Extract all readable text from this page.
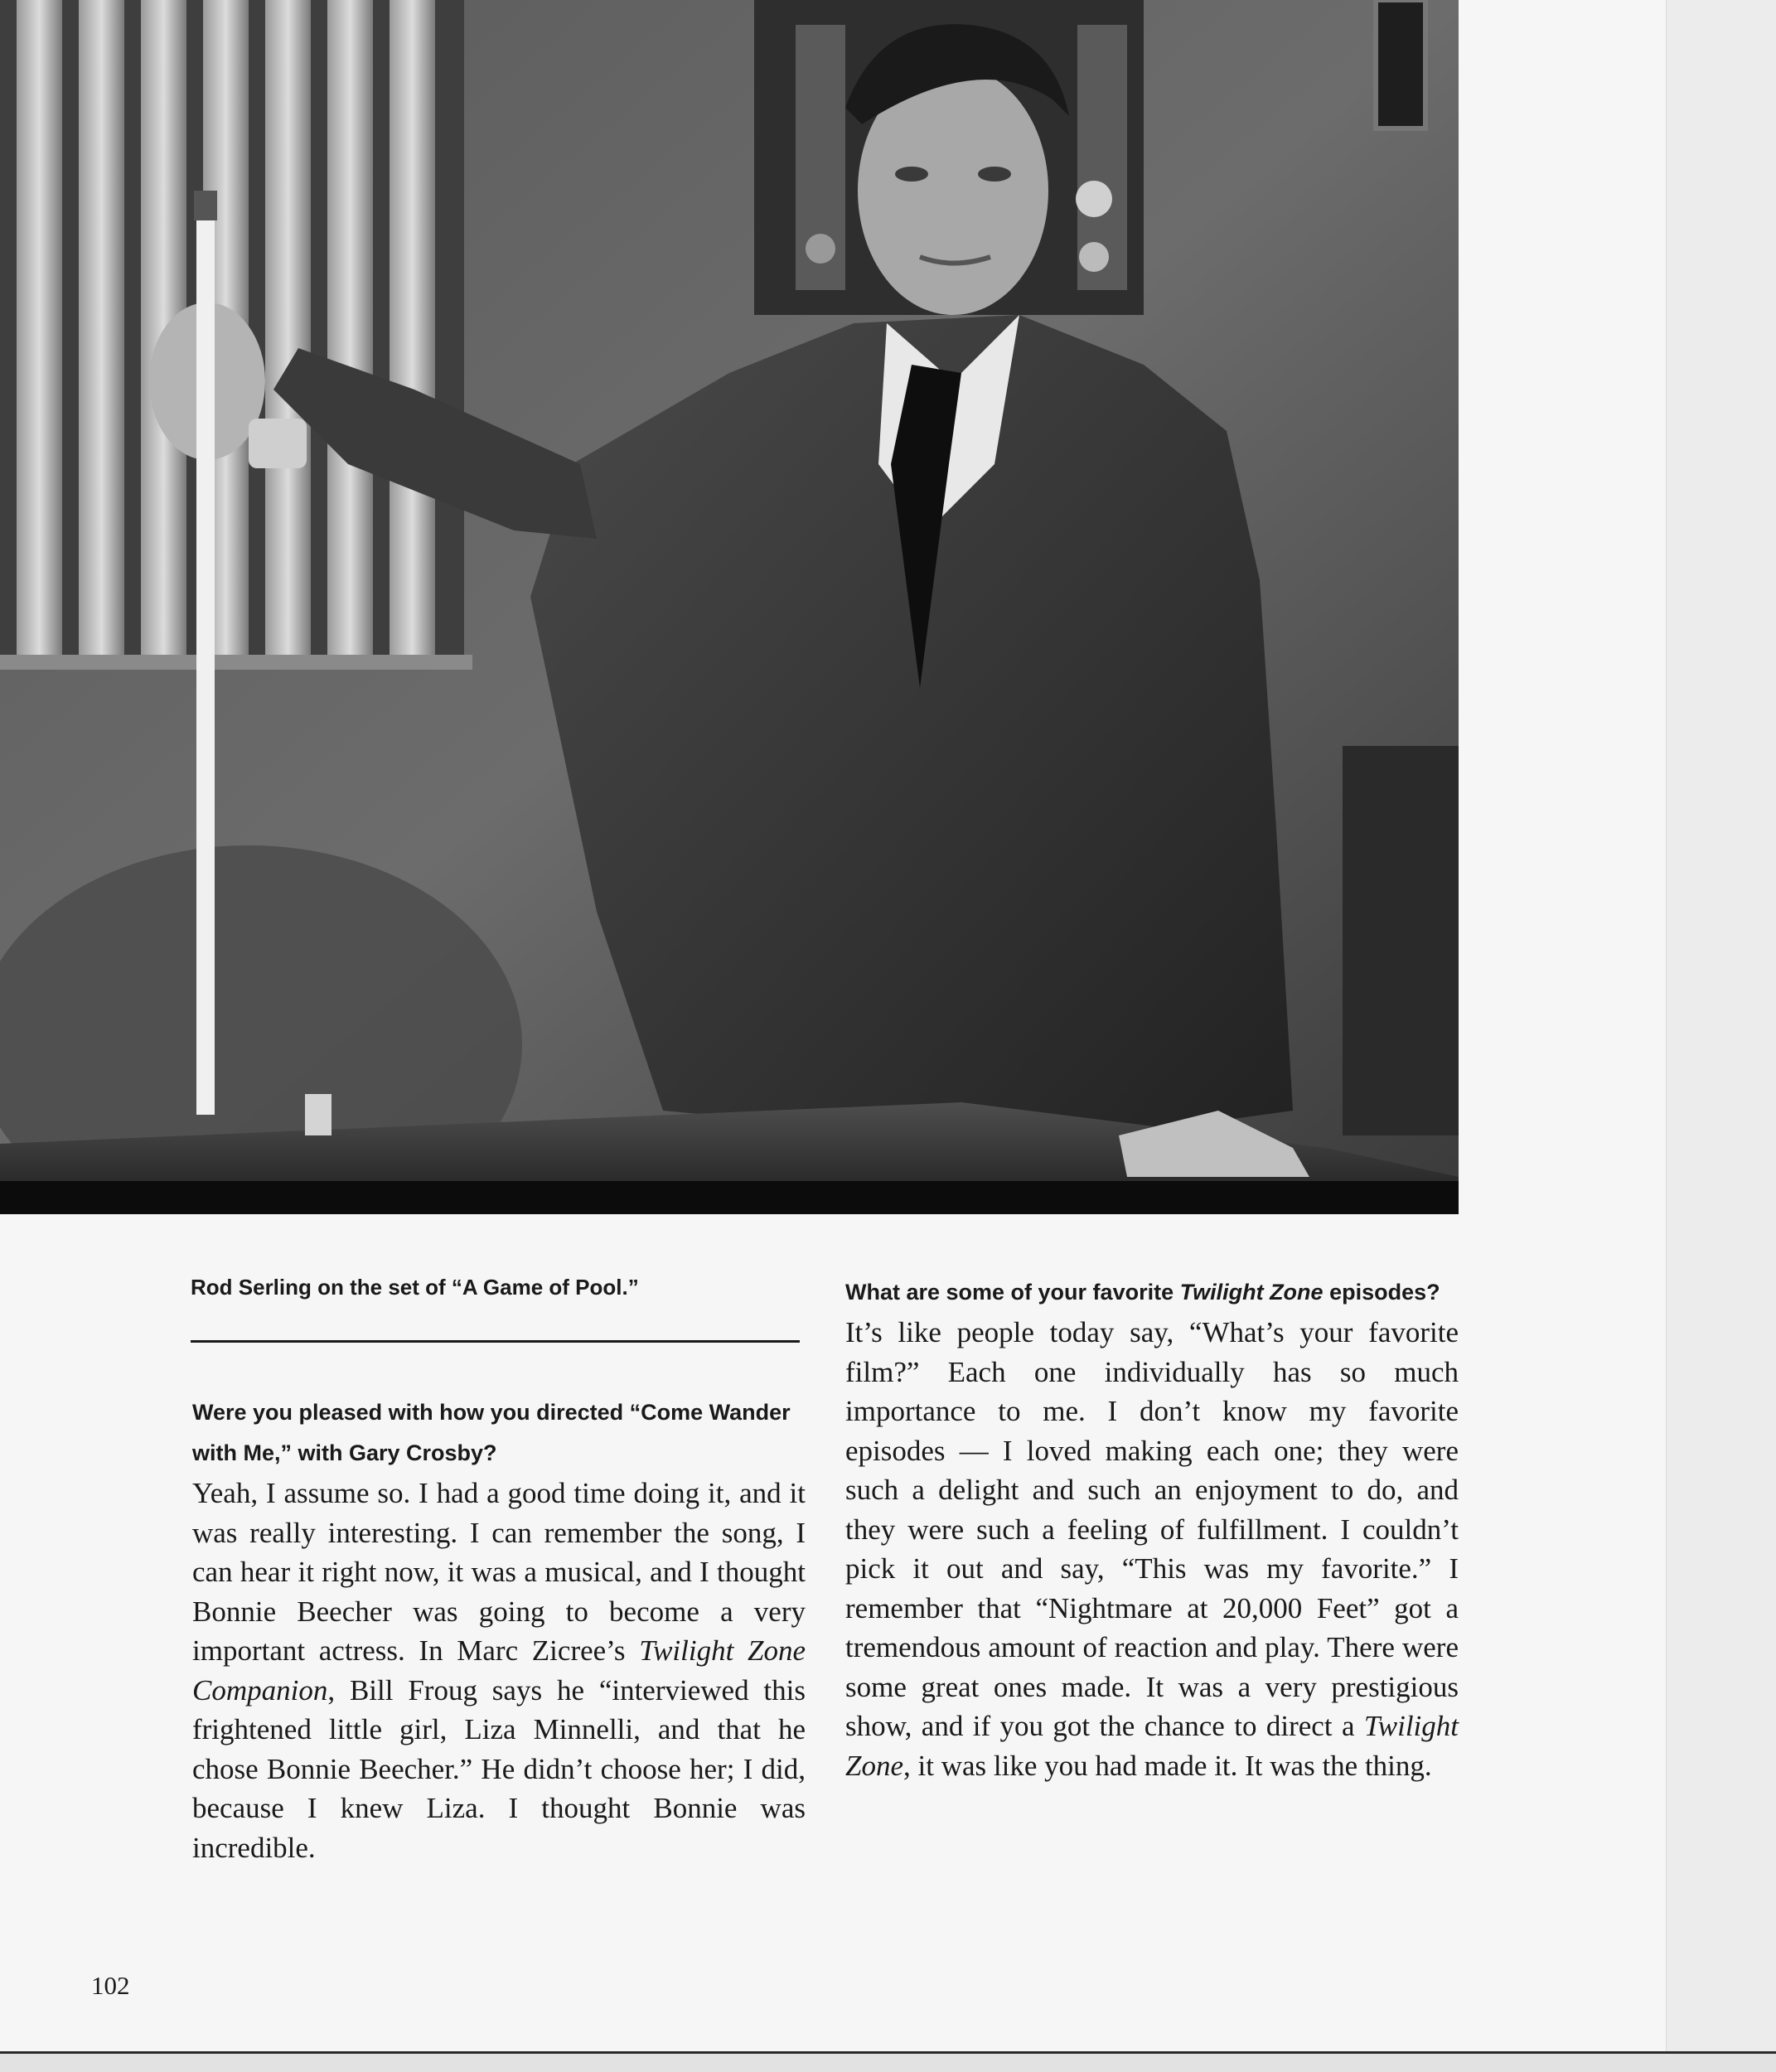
Rod Serling on the set of “A Game of Pool.”

Were you pleased with how you directed “Come Wander with Me,” with Gary Crosby?

Yeah, I assume so. I had a good time doing it, and it was really interesting. I can remember the song, I can hear it right now, it was a musical, and I thought Bonnie Beecher was going to become a very important actress. In Marc Zicree’s Twilight Zone Companion, Bill Froug says he “interviewed this frightened little girl, Liza Minnelli, and that he chose Bonnie Beecher.” He didn’t choose her; I did, because I knew Liza. I thought Bonnie was incredible.

What are some of your favorite Twilight Zone episodes?

It’s like people today say, “What’s your favorite film?” Each one individually has so much importance to me. I don’t know my favorite episodes — I loved making each one; they were such a delight and such an enjoyment to do, and they were such a feeling of fulfillment. I couldn’t pick it out and say, “This was my favorite.” I remember that “Nightmare at 20,000 Feet” got a tremendous amount of reaction and play. There were some great ones made. It was a very prestigious show, and if you got the chance to direct a Twilight Zone, it was like you had made it. It was the thing.

102
